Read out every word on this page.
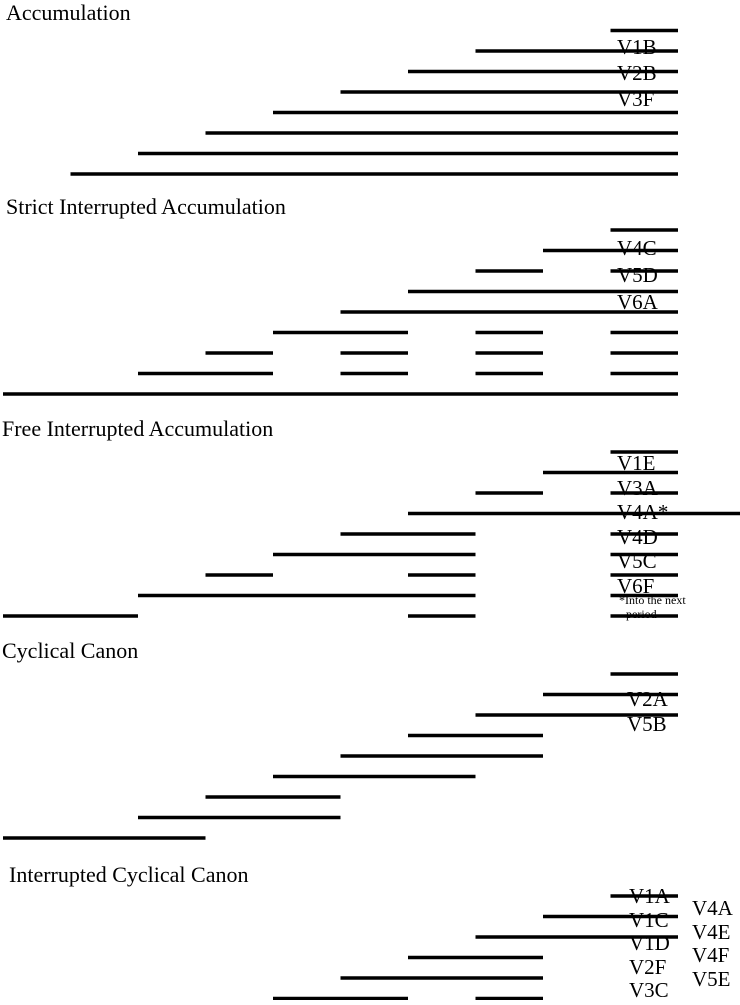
Accumulation
V1B
V2B
V3F
Strict Interrupted Accumulation
V4C
V5D
V6A
Free Interrupted Accumulation
V1E
V3A
V4A*
V4D
V5C
V6F
*Into the next
period
Cyclical Canon
V2A
V5B
Interrupted Cyclical Canon
V1A
V1C
V1D
V2F
V3C
V4A
V4E
V4F
V5E
